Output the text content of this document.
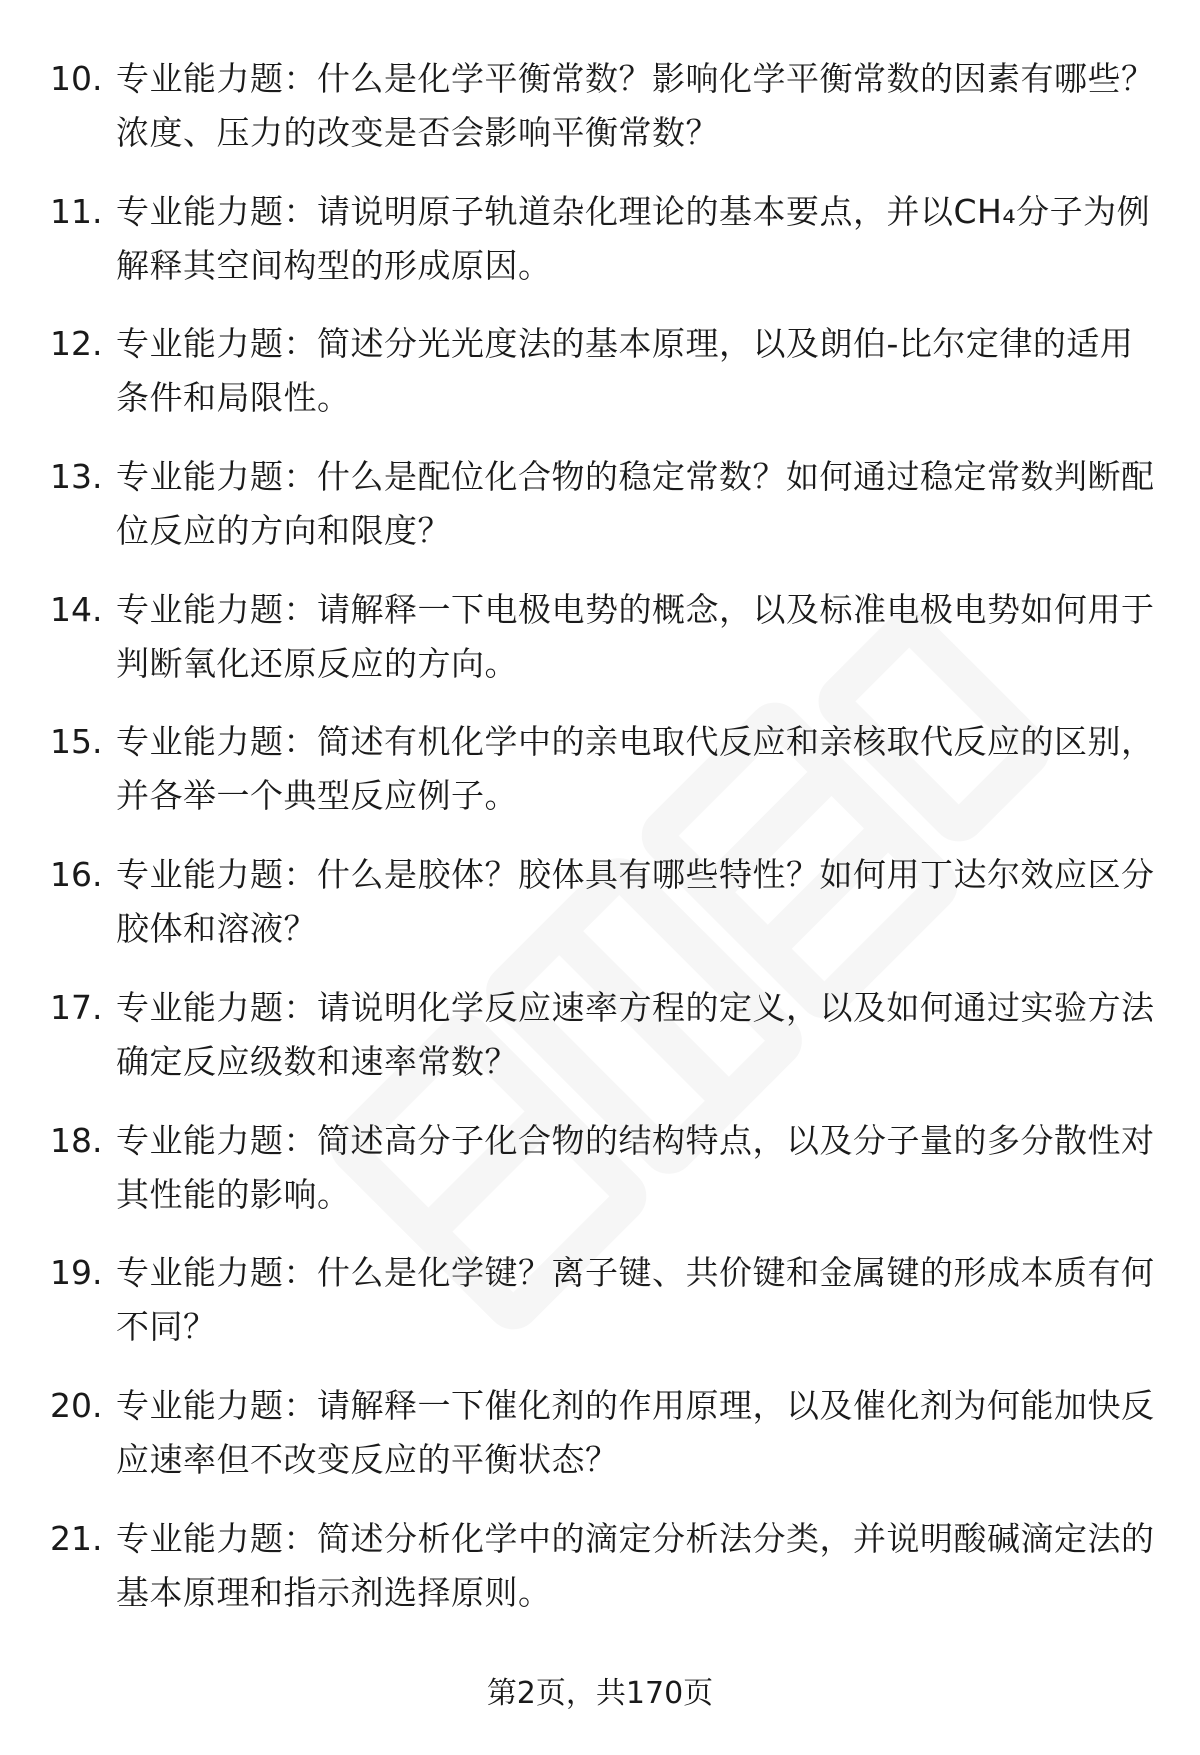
10. 专业能力题：什么是化学平衡常数？影响化学平衡常数的因素有哪些？浓度、压力的改变是否会影响平衡常数？
11. 专业能力题：请说明原子轨道杂化理论的基本要点，并以CH₄分子为例解释其空间构型的形成原因。
12. 专业能力题：简述分光光度法的基本原理，以及朗伯-比尔定律的适用条件和局限性。
13. 专业能力题：什么是配位化合物的稳定常数？如何通过稳定常数判断配位反应的方向和限度？
14. 专业能力题：请解释一下电极电势的概念，以及标准电极电势如何用于判断氧化还原反应的方向。
15. 专业能力题：简述有机化学中的亲电取代反应和亲核取代反应的区别，并各举一个典型反应例子。
16. 专业能力题：什么是胶体？胶体具有哪些特性？如何用丁达尔效应区分胶体和溶液？
17. 专业能力题：请说明化学反应速率方程的定义，以及如何通过实验方法确定反应级数和速率常数？
18. 专业能力题：简述高分子化合物的结构特点，以及分子量的多分散性对其性能的影响。
19. 专业能力题：什么是化学键？离子键、共价键和金属键的形成本质有何不同？
20. 专业能力题：请解释一下催化剂的作用原理，以及催化剂为何能加快反应速率但不改变反应的平衡状态？
21. 专业能力题：简述分析化学中的滴定分析法分类，并说明酸碱滴定法的基本原理和指示剂选择原则。
第2页，共170页
